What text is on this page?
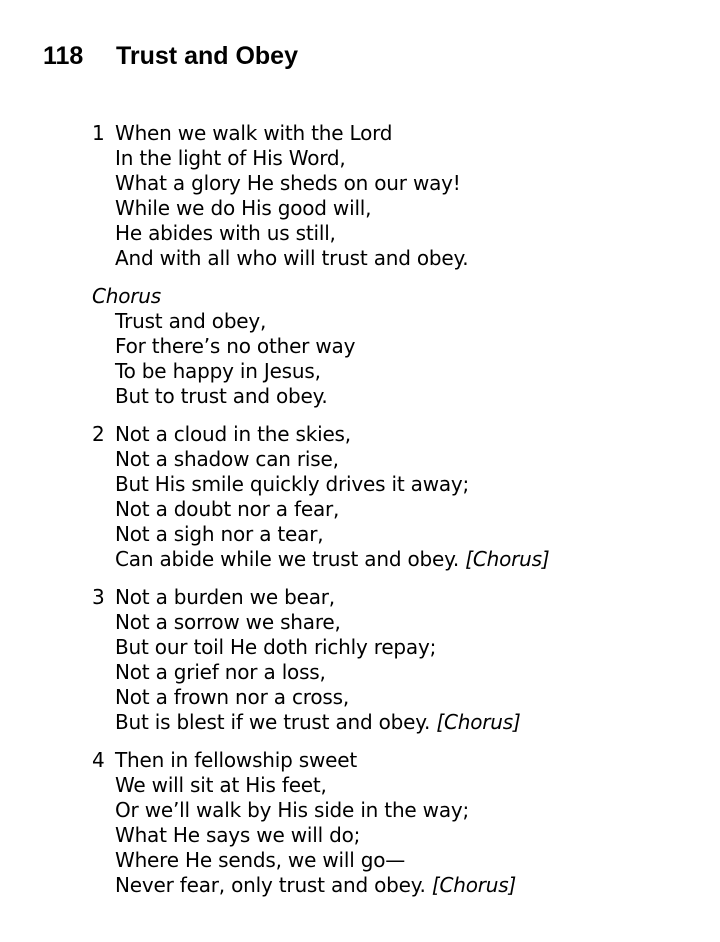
118 Trust and Obey
1 When we walk with the Lord
In the light of His Word,
What a glory He sheds on our way!
While we do His good will,
He abides with us still,
And with all who will trust and obey.
Chorus
Trust and obey,
For there’s no other way
To be happy in Jesus,
But to trust and obey.
2 Not a cloud in the skies,
Not a shadow can rise,
But His smile quickly drives it away;
Not a doubt nor a fear,
Not a sigh nor a tear,
Can abide while we trust and obey. [Chorus]
3 Not a burden we bear,
Not a sorrow we share,
But our toil He doth richly repay;
Not a grief nor a loss,
Not a frown nor a cross,
But is blest if we trust and obey. [Chorus]
4 Then in fellowship sweet
We will sit at His feet,
Or we’ll walk by His side in the way;
What He says we will do;
Where He sends, we will go—
Never fear, only trust and obey. [Chorus]
